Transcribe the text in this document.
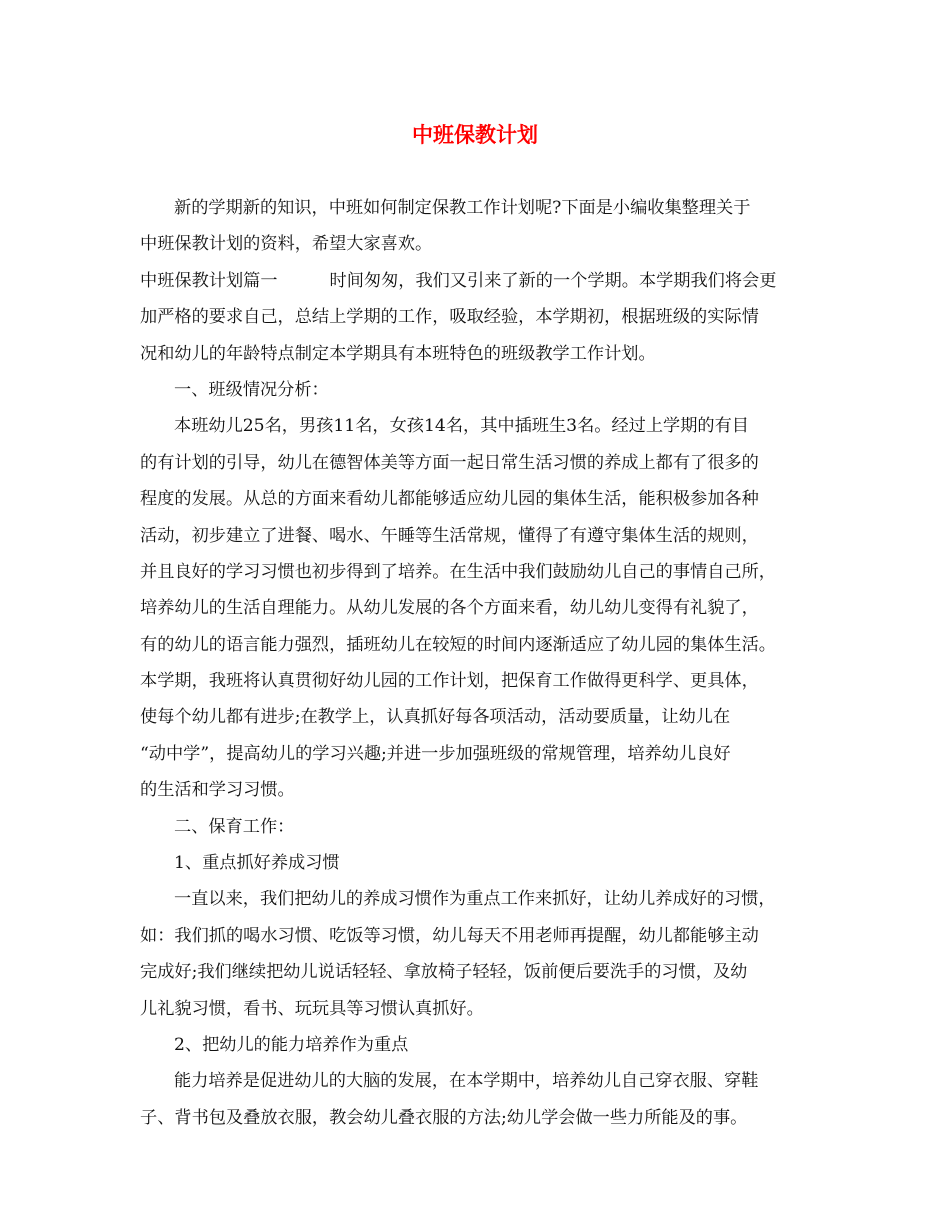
中班保教计划
新的学期新的知识，中班如何制定保教工作计划呢?下面是小编收集整理关于
中班保教计划的资料，希望大家喜欢。
中班保教计划篇一	时间匆匆，我们又引来了新的一个学期。本学期我们将会更
加严格的要求自己，总结上学期的工作，吸取经验，本学期初，根据班级的实际情
况和幼儿的年龄特点制定本学期具有本班特色的班级教学工作计划。
一、班级情况分析：
本班幼儿25名，男孩11名，女孩14名，其中插班生3名。经过上学期的有目
的有计划的引导，幼儿在德智体美等方面一起日常生活习惯的养成上都有了很多的
程度的发展。从总的方面来看幼儿都能够适应幼儿园的集体生活，能积极参加各种
活动，初步建立了进餐、喝水、午睡等生活常规，懂得了有遵守集体生活的规则，
并且良好的学习习惯也初步得到了培养。在生活中我们鼓励幼儿自己的事情自己所，
培养幼儿的生活自理能力。从幼儿发展的各个方面来看，幼儿幼儿变得有礼貌了，
有的幼儿的语言能力强烈，插班幼儿在较短的时间内逐渐适应了幼儿园的集体生活。
本学期，我班将认真贯彻好幼儿园的工作计划，把保育工作做得更科学、更具体，
使每个幼儿都有进步;在教学上，认真抓好每各项活动，活动要质量，让幼儿在
“动中学”，提高幼儿的学习兴趣;并进一步加强班级的常规管理，培养幼儿良好
的生活和学习习惯。
二、保育工作：
1、重点抓好养成习惯
一直以来，我们把幼儿的养成习惯作为重点工作来抓好，让幼儿养成好的习惯，
如：我们抓的喝水习惯、吃饭等习惯，幼儿每天不用老师再提醒，幼儿都能够主动
完成好;我们继续把幼儿说话轻轻、拿放椅子轻轻，饭前便后要洗手的习惯，及幼
儿礼貌习惯，看书、玩玩具等习惯认真抓好。
2、把幼儿的能力培养作为重点
能力培养是促进幼儿的大脑的发展，在本学期中，培养幼儿自己穿衣服、穿鞋
子、背书包及叠放衣服，教会幼儿叠衣服的方法;幼儿学会做一些力所能及的事。
